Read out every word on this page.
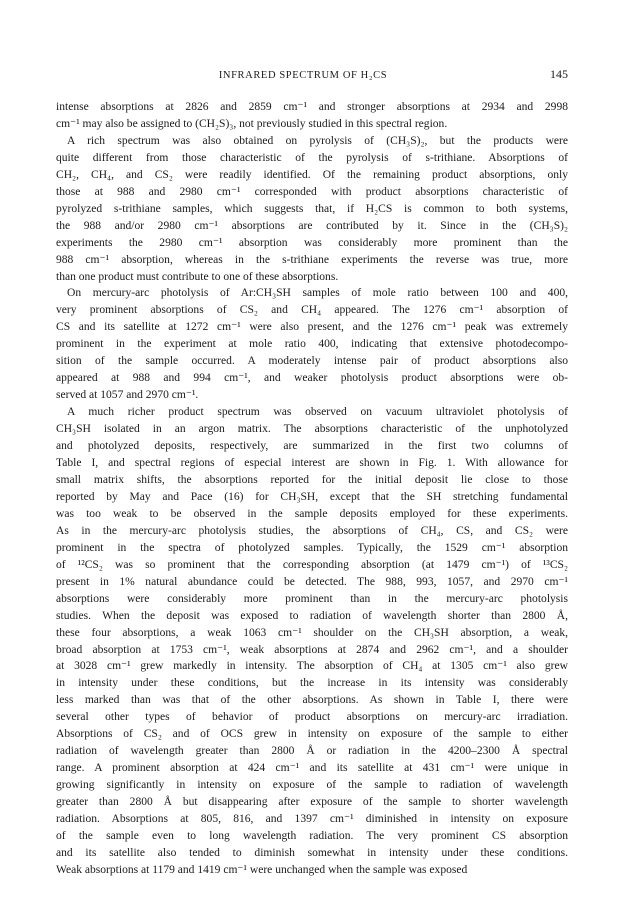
INFRARED SPECTRUM OF H₂CS	145
intense absorptions at 2826 and 2859 cm⁻¹ and stronger absorptions at 2934 and 2998
cm⁻¹ may also be assigned to (CH₂S)₃, not previously studied in this spectral region.
A rich spectrum was also obtained on pyrolysis of (CH₃S)₂, but the products were
quite different from those characteristic of the pyrolysis of s-trithiane. Absorptions of
CH₂, CH₄, and CS₂ were readily identified. Of the remaining product absorptions, only
those at 988 and 2980 cm⁻¹ corresponded with product absorptions characteristic of
pyrolyzed s-trithiane samples, which suggests that, if H₂CS is common to both systems,
the 988 and/or 2980 cm⁻¹ absorptions are contributed by it. Since in the (CH₃S)₂
experiments the 2980 cm⁻¹ absorption was considerably more prominent than the
988 cm⁻¹ absorption, whereas in the s-trithiane experiments the reverse was true, more
than one product must contribute to one of these absorptions.
On mercury-arc photolysis of Ar:CH₃SH samples of mole ratio between 100 and 400,
very prominent absorptions of CS₂ and CH₄ appeared. The 1276 cm⁻¹ absorption of
CS and its satellite at 1272 cm⁻¹ were also present, and the 1276 cm⁻¹ peak was extremely
prominent in the experiment at mole ratio 400, indicating that extensive photodecompo-
sition of the sample occurred. A moderately intense pair of product absorptions also
appeared at 988 and 994 cm⁻¹, and weaker photolysis product absorptions were ob-
served at 1057 and 2970 cm⁻¹.
A much richer product spectrum was observed on vacuum ultraviolet photolysis of
CH₃SH isolated in an argon matrix. The absorptions characteristic of the unphotolyzed
and photolyzed deposits, respectively, are summarized in the first two columns of
Table I, and spectral regions of especial interest are shown in Fig. 1. With allowance for
small matrix shifts, the absorptions reported for the initial deposit lie close to those
reported by May and Pace (16) for CH₃SH, except that the SH stretching fundamental
was too weak to be observed in the sample deposits employed for these experiments.
As in the mercury-arc photolysis studies, the absorptions of CH₄, CS, and CS₂ were
prominent in the spectra of photolyzed samples. Typically, the 1529 cm⁻¹ absorption
of ¹²CS₂ was so prominent that the corresponding absorption (at 1479 cm⁻¹) of ¹³CS₂
present in 1% natural abundance could be detected. The 988, 993, 1057, and 2970 cm⁻¹
absorptions were considerably more prominent than in the mercury-arc photolysis
studies. When the deposit was exposed to radiation of wavelength shorter than 2800 Å,
these four absorptions, a weak 1063 cm⁻¹ shoulder on the CH₃SH absorption, a weak,
broad absorption at 1753 cm⁻¹, weak absorptions at 2874 and 2962 cm⁻¹, and a shoulder
at 3028 cm⁻¹ grew markedly in intensity. The absorption of CH₄ at 1305 cm⁻¹ also grew
in intensity under these conditions, but the increase in its intensity was considerably
less marked than was that of the other absorptions. As shown in Table I, there were
several other types of behavior of product absorptions on mercury-arc irradiation.
Absorptions of CS₂ and of OCS grew in intensity on exposure of the sample to either
radiation of wavelength greater than 2800 Å or radiation in the 4200–2300 Å spectral
range. A prominent absorption at 424 cm⁻¹ and its satellite at 431 cm⁻¹ were unique in
growing significantly in intensity on exposure of the sample to radiation of wavelength
greater than 2800 Å but disappearing after exposure of the sample to shorter wavelength
radiation. Absorptions at 805, 816, and 1397 cm⁻¹ diminished in intensity on exposure
of the sample even to long wavelength radiation. The very prominent CS absorption
and its satellite also tended to diminish somewhat in intensity under these conditions.
Weak absorptions at 1179 and 1419 cm⁻¹ were unchanged when the sample was exposed
